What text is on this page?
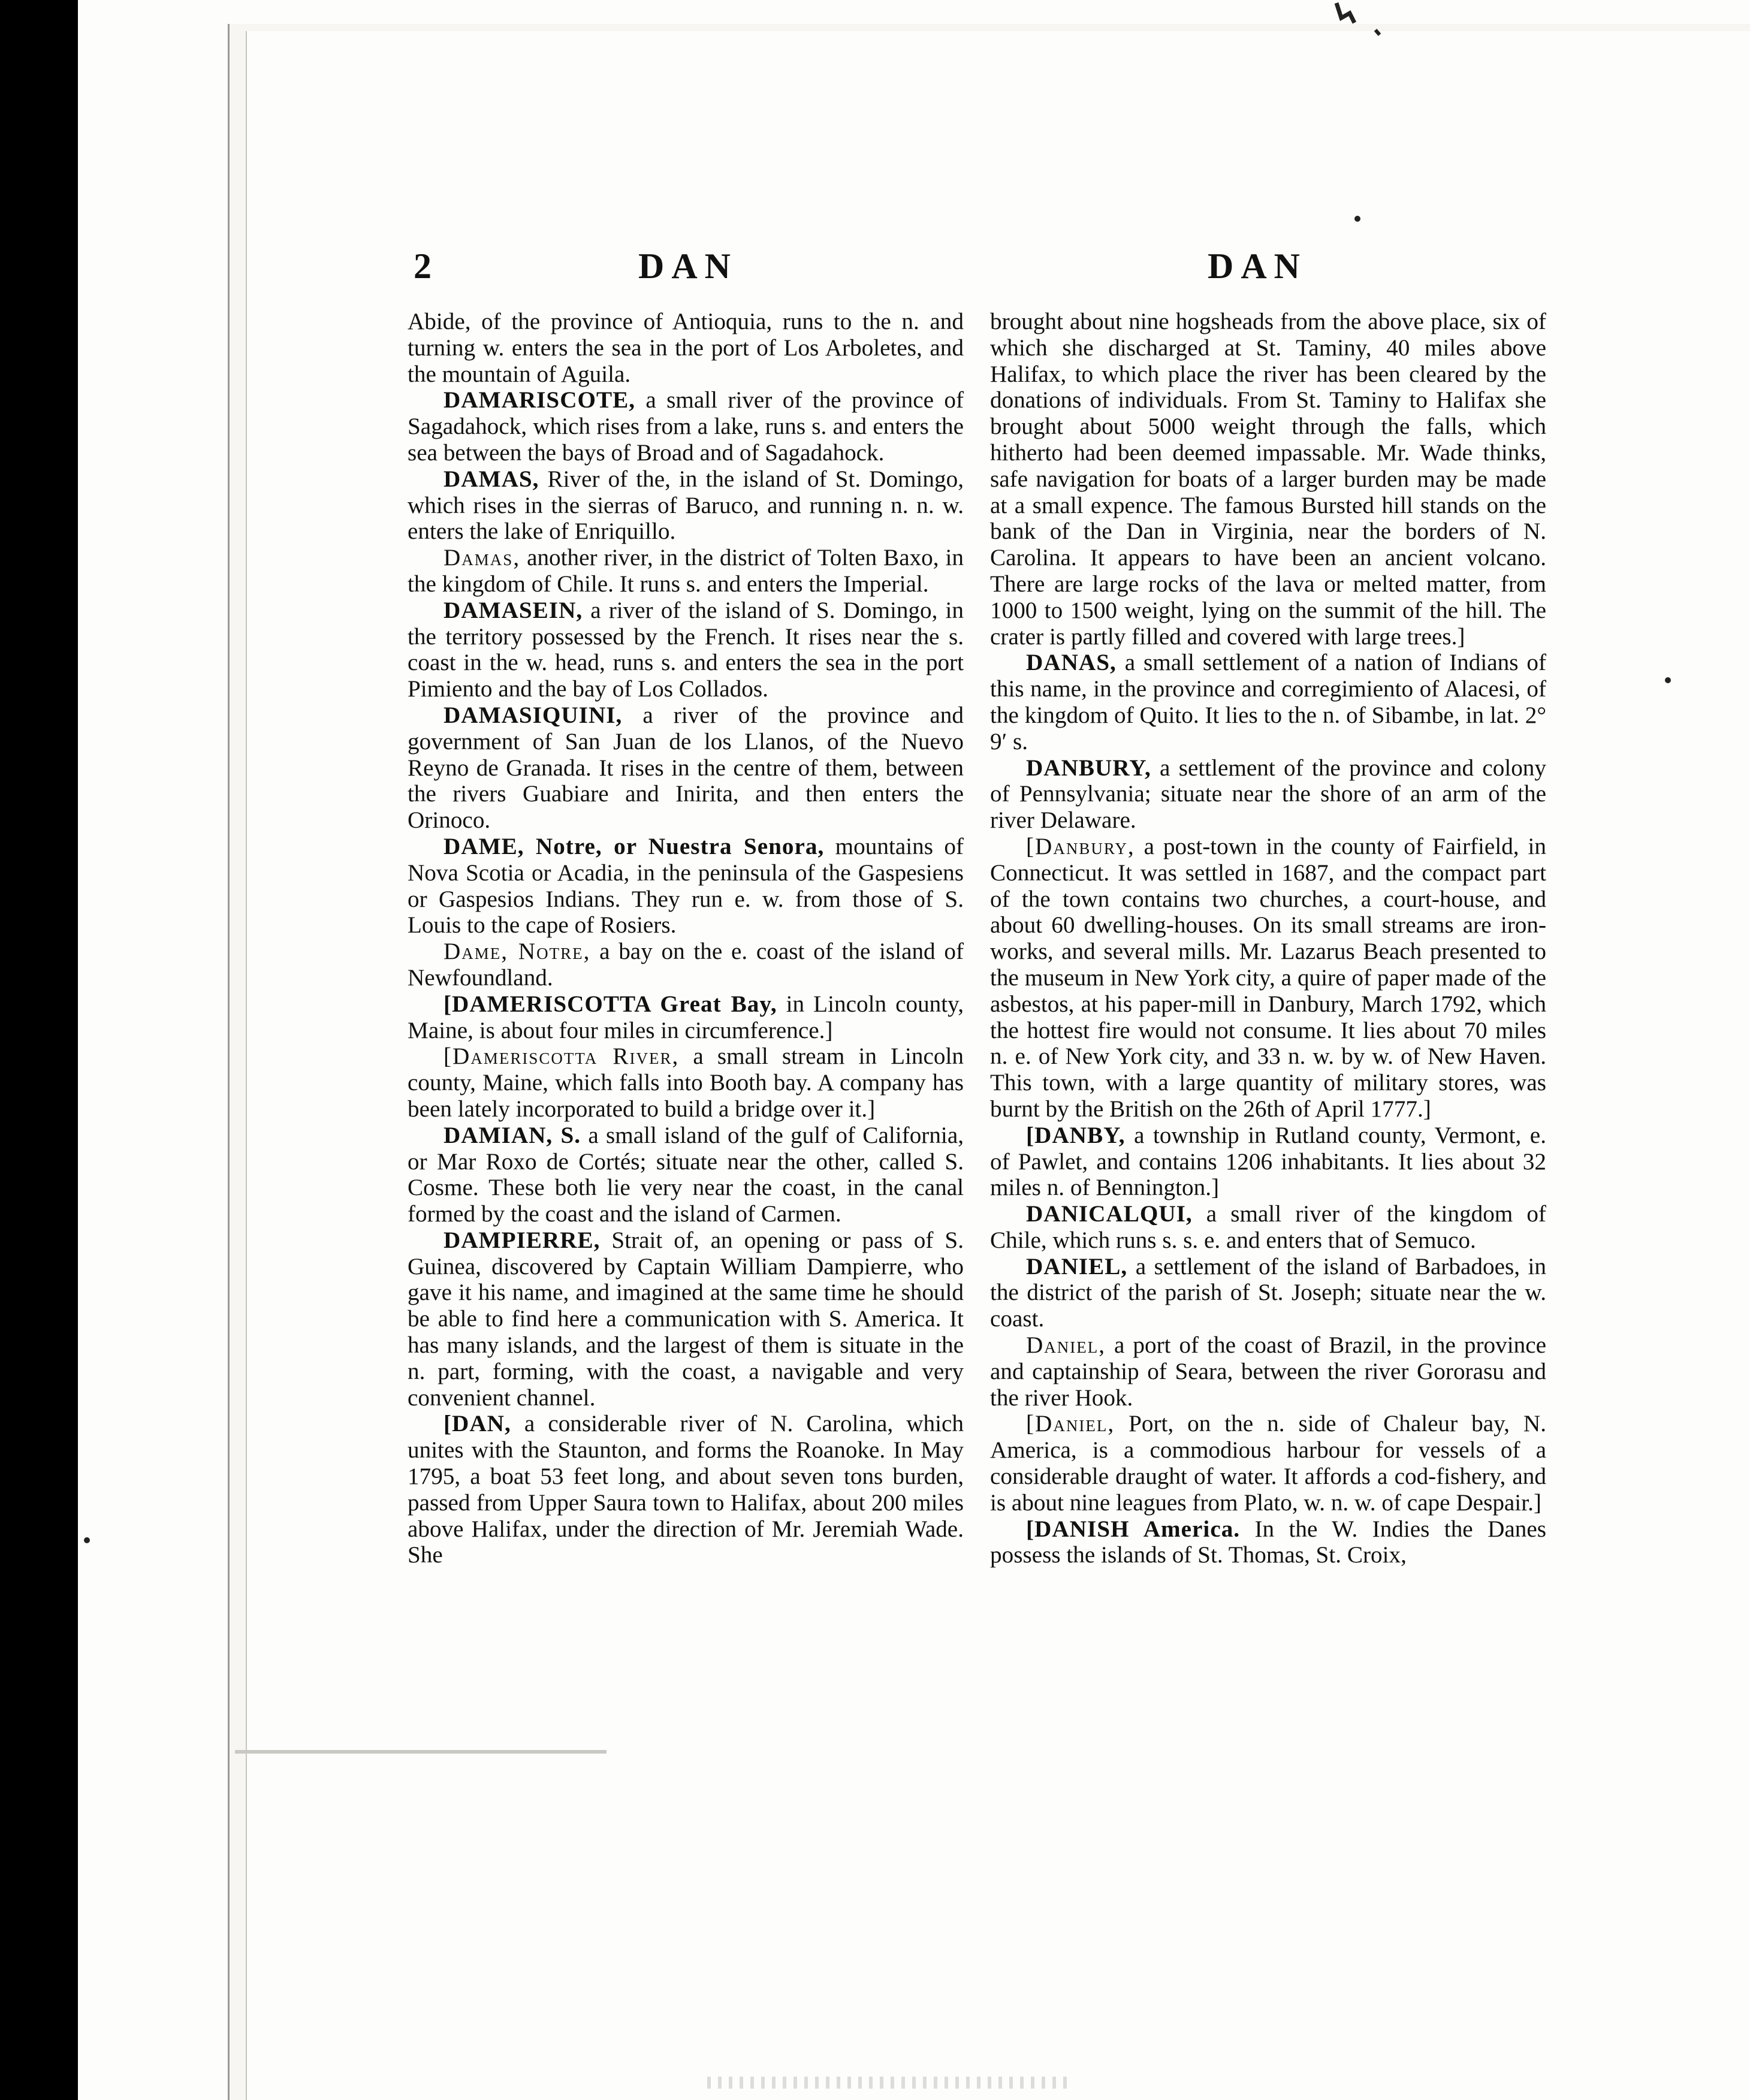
2	DAN	DAN

Abide, of the province of Antioquia, runs to the n. and turning w. enters the sea in the port of Los Arboletes, and the mountain of Aguila.

DAMARISCOTE, a small river of the province of Sagadahock, which rises from a lake, runs s. and enters the sea between the bays of Broad and of Sagadahock.

DAMAS, River of the, in the island of St. Domingo, which rises in the sierras of Baruco, and running n. n. w. enters the lake of Enriquillo.

Damas, another river, in the district of Tolten Baxo, in the kingdom of Chile. It runs s. and enters the Imperial.

DAMASEIN, a river of the island of S. Domingo, in the territory possessed by the French. It rises near the s. coast in the w. head, runs s. and enters the sea in the port Pimiento and the bay of Los Collados.

DAMASIQUINI, a river of the province and government of San Juan de los Llanos, of the Nuevo Reyno de Granada. It rises in the centre of them, between the rivers Guabiare and Inirita, and then enters the Orinoco.

DAME, Notre, or Nuestra Senora, mountains of Nova Scotia or Acadia, in the peninsula of the Gaspesiens or Gaspesios Indians. They run e. w. from those of S. Louis to the cape of Rosiers.

Dame, Notre, a bay on the e. coast of the island of Newfoundland.

[DAMERISCOTTA Great Bay, in Lincoln county, Maine, is about four miles in circumference.]

[Dameriscotta River, a small stream in Lincoln county, Maine, which falls into Booth bay. A company has been lately incorporated to build a bridge over it.]

DAMIAN, S. a small island of the gulf of California, or Mar Roxo de Cortés; situate near the other, called S. Cosme. These both lie very near the coast, in the canal formed by the coast and the island of Carmen.

DAMPIERRE, Strait of, an opening or pass of S. Guinea, discovered by Captain William Dampierre, who gave it his name, and imagined at the same time he should be able to find here a communication with S. America. It has many islands, and the largest of them is situate in the n. part, forming, with the coast, a navigable and very convenient channel.

[DAN, a considerable river of N. Carolina, which unites with the Staunton, and forms the Roanoke. In May 1795, a boat 53 feet long, and about seven tons burden, passed from Upper Saura town to Halifax, about 200 miles above Halifax, under the direction of Mr. Jeremiah Wade. She

brought about nine hogsheads from the above place, six of which she discharged at St. Taminy, 40 miles above Halifax, to which place the river has been cleared by the donations of individuals. From St. Taminy to Halifax she brought about 5000 weight through the falls, which hitherto had been deemed impassable. Mr. Wade thinks, safe navigation for boats of a larger burden may be made at a small expence. The famous Bursted hill stands on the bank of the Dan in Virginia, near the borders of N. Carolina. It appears to have been an ancient volcano. There are large rocks of the lava or melted matter, from 1000 to 1500 weight, lying on the summit of the hill. The crater is partly filled and covered with large trees.]

DANAS, a small settlement of a nation of Indians of this name, in the province and corregimiento of Alacesi, of the kingdom of Quito. It lies to the n. of Sibambe, in lat. 2° 9′ s.

DANBURY, a settlement of the province and colony of Pennsylvania; situate near the shore of an arm of the river Delaware.

[Danbury, a post-town in the county of Fairfield, in Connecticut. It was settled in 1687, and the compact part of the town contains two churches, a court-house, and about 60 dwelling-houses. On its small streams are iron-works, and several mills. Mr. Lazarus Beach presented to the museum in New York city, a quire of paper made of the asbestos, at his paper-mill in Danbury, March 1792, which the hottest fire would not consume. It lies about 70 miles n. e. of New York city, and 33 n. w. by w. of New Haven. This town, with a large quantity of military stores, was burnt by the British on the 26th of April 1777.]

[DANBY, a township in Rutland county, Vermont, e. of Pawlet, and contains 1206 inhabitants. It lies about 32 miles n. of Bennington.]

DANICALQUI, a small river of the kingdom of Chile, which runs s. s. e. and enters that of Semuco.

DANIEL, a settlement of the island of Barbadoes, in the district of the parish of St. Joseph; situate near the w. coast.

Daniel, a port of the coast of Brazil, in the province and captainship of Seara, between the river Gororasu and the river Hook.

[Daniel, Port, on the n. side of Chaleur bay, N. America, is a commodious harbour for vessels of a considerable draught of water. It affords a cod-fishery, and is about nine leagues from Plato, w. n. w. of cape Despair.]

[DANISH America. In the W. Indies the Danes possess the islands of St. Thomas, St. Croix,
